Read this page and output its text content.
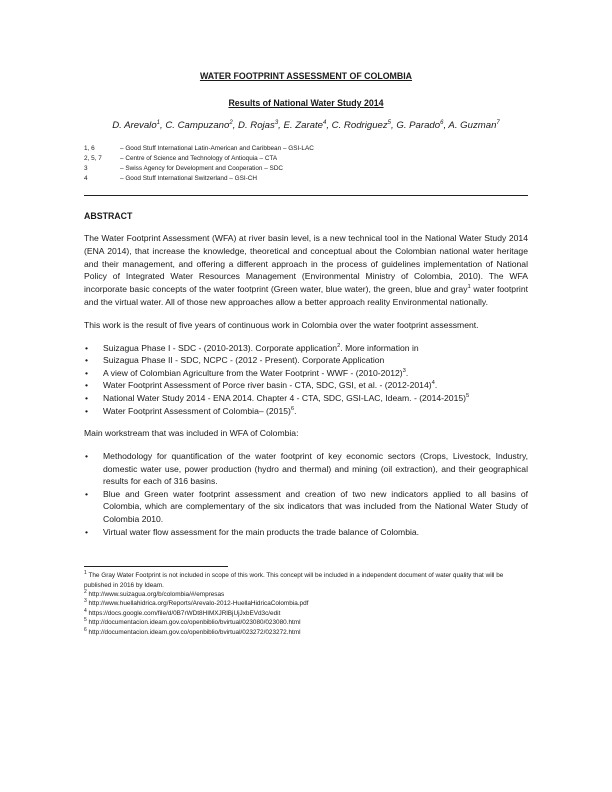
WATER FOOTPRINT ASSESSMENT OF COLOMBIA

Results of National Water Study 2014

D. Arevalo$^1$, C. Campuzano$^2$, D. Rojas$^3$, E. Zarate$^4$, C. Rodriguez$^5$, G. Parado$^6$, A. Guzman$^7$

1, 6	– Good Stuff International Latin-American and Caribbean – GSI-LAC
2, 5, 7	– Centre of Science and Technology of Antioquia – CTA
3	– Swiss Agency for Development and Cooperation – SDC
4	– Good Stuff International Switzerland – GSI-CH

ABSTRACT

The Water Footprint Assessment (WFA) at river basin level, is a new technical tool in the National Water Study 2014 (ENA 2014), that increase the knowledge, theoretical and conceptual about the Colombian national water heritage and their management, and offering a different approach in the process of guidelines implementation of National Policy of Integrated Water Resources Management (Environmental Ministry of Colombia, 2010). The WFA incorporate basic concepts of the water footprint (Green water, blue water), the green, blue and gray$^1$ water footprint and the virtual water. All of those new approaches allow a better approach reality Environmental nationally.

This work is the result of five years of continuous work in Colombia over the water footprint assessment.

• Suizagua Phase I - SDC - (2010-2013). Corporate application$^2$. More information in
• Suizagua Phase II - SDC, NCPC - (2012 - Present). Corporate Application
• A view of Colombian Agriculture from the Water Footprint - WWF - (2010-2012)$^3$.
• Water Footprint Assessment of Porce river basin - CTA, SDC, GSI, et al. - (2012-2014)$^4$.
• National Water Study 2014 - ENA 2014. Chapter 4 - CTA, SDC, GSI-LAC, Ideam. - (2014-2015)$^5$
• Water Footprint Assessment of Colombia– $(2015)^6$.

Main workstream that was included in WFA of Colombia:

• Methodology for quantification of the water footprint of key economic sectors (Crops, Livestock, Industry, domestic water use, power production (hydro and thermal) and mining (oil extraction), and their geographical results for each of 316 basins.
• Blue and Green water footprint assessment and creation of two new indicators applied to all basins of Colombia, which are complementary of the six indicators that was included from the National Water Study of Colombia 2010.
• Virtual water flow assessment for the main products the trade balance of Colombia.
$^1$ The Gray Water Footprint is not included in scope of this work. This concept will be included in a independent document of water quality that will be published in 2016 by Ideam.
$^2$ http://www.suizagua.org/b/colombia/#/empresas
$^3$ http://www.huellahidrica.org/Reports/Arevalo-2012-HuellaHidricaColombia.pdf
$^4$ https://docs.google.com/file/d/0B7rWDt8HIMXJRlBjUjJxbEVd3c/edit
$^5$ http://documentacion.ideam.gov.co/openbiblio/bvirtual/023080/023080.html
$^6$ http://documentacion.ideam.gov.co/openbiblio/bvirtual/023272/023272.html
